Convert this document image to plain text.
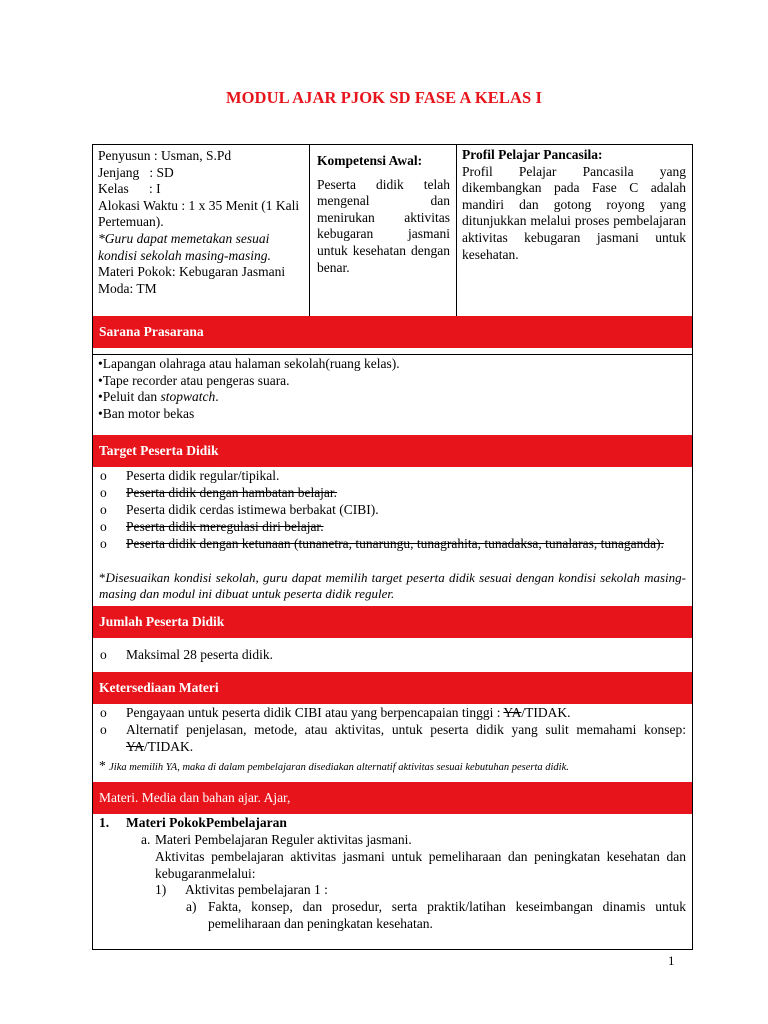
MODUL AJAR PJOK SD FASE A KELAS I
Penyusun : Usman, S.Pd
Jenjang   : SD
Kelas      : I
Alokasi Waktu : 1 x 35 Menit (1 Kali Pertemuan).
*Guru dapat memetakan sesuai kondisi sekolah masing-masing.
Materi Pokok: Kebugaran Jasmani
Moda: TM
Kompetensi Awal:
Peserta didik telah mengenal dan menirukan aktivitas kebugaran jasmani untuk kesehatan dengan benar.
Profil Pelajar Pancasila:
Profil Pelajar Pancasila yang dikembangkan pada Fase C adalah mandiri dan gotong royong yang ditunjukkan melalui proses pembelajaran aktivitas kebugaran jasmani untuk kesehatan.
Sarana Prasarana
•Lapangan olahraga atau halaman sekolah(ruang kelas).
•Tape recorder atau pengeras suara.
•Peluit dan stopwatch.
•Ban motor bekas
Target Peserta Didik
o Peserta didik regular/tipikal.
o Peserta didik dengan hambatan belajar.
o Peserta didik cerdas istimewa berbakat (CIBI).
o Peserta didik meregulasi diri belajar.
o Peserta didik dengan ketunaan (tunanetra, tunarungu, tunagrahita, tunadaksa, tunalaras, tunaganda).
*Disesuaikan kondisi sekolah, guru dapat memilih target peserta didik sesuai dengan kondisi sekolah masing-masing dan modul ini dibuat untuk peserta didik reguler.
Jumlah Peserta Didik
o Maksimal 28 peserta didik.
Ketersediaan Materi
o Pengayaan untuk peserta didik CIBI atau yang berpencapaian tinggi : YA/TIDAK.
o Alternatif penjelasan, metode, atau aktivitas, untuk peserta didik yang sulit memahami konsep: YA/TIDAK.
* Jika memilih YA, maka di dalam pembelajaran disediakan alternatif aktivitas sesuai kebutuhan peserta didik.
Materi. Media dan bahan ajar. Ajar,
1. Materi PokokPembelajaran
a. Materi Pembelajaran Reguler aktivitas jasmani.
Aktivitas pembelajaran aktivitas jasmani untuk pemeliharaan dan peningkatan kesehatan dan kebugaranmelalui:
1) Aktivitas pembelajaran 1 :
a) Fakta, konsep, dan prosedur, serta praktik/latihan keseimbangan dinamis untuk pemeliharaan dan peningkatan kesehatan.
1
